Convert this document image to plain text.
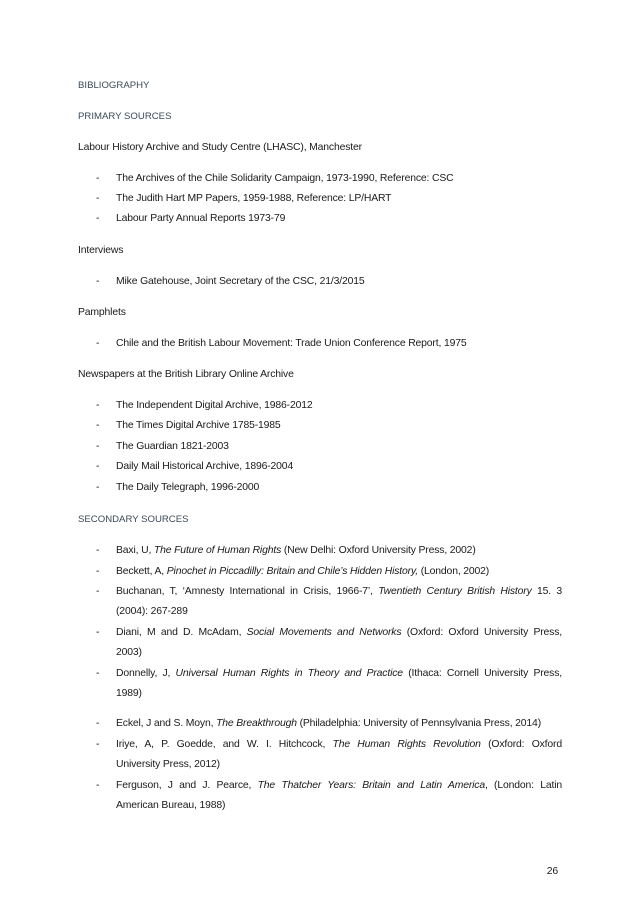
BIBLIOGRAPHY
PRIMARY SOURCES
Labour History Archive and Study Centre (LHASC), Manchester
- The Archives of the Chile Solidarity Campaign, 1973-1990, Reference: CSC
- The Judith Hart MP Papers, 1959-1988, Reference: LP/HART
- Labour Party Annual Reports 1973-79
Interviews
- Mike Gatehouse, Joint Secretary of the CSC, 21/3/2015
Pamphlets
- Chile and the British Labour Movement: Trade Union Conference Report, 1975
Newspapers at the British Library Online Archive
- The Independent Digital Archive, 1986-2012
- The Times Digital Archive 1785-1985
- The Guardian 1821-2003
- Daily Mail Historical Archive, 1896-2004
- The Daily Telegraph, 1996-2000
SECONDARY SOURCES
- Baxi, U, The Future of Human Rights (New Delhi: Oxford University Press, 2002)
- Beckett, A, Pinochet in Piccadilly: Britain and Chile’s Hidden History, (London, 2002)
- Buchanan, T, ‘Amnesty International in Crisis, 1966-7’, Twentieth Century British History 15. 3
(2004): 267-289
- Diani, M and D. McAdam, Social Movements and Networks (Oxford: Oxford University Press,
2003)
- Donnelly, J, Universal Human Rights in Theory and Practice (Ithaca: Cornell University Press,
1989)
- Eckel, J and S. Moyn, The Breakthrough (Philadelphia: University of Pennsylvania Press, 2014)
- Iriye, A, P. Goedde, and W. I. Hitchcock, The Human Rights Revolution (Oxford: Oxford
University Press, 2012)
- Ferguson, J and J. Pearce, The Thatcher Years: Britain and Latin America, (London: Latin
American Bureau, 1988)
26
